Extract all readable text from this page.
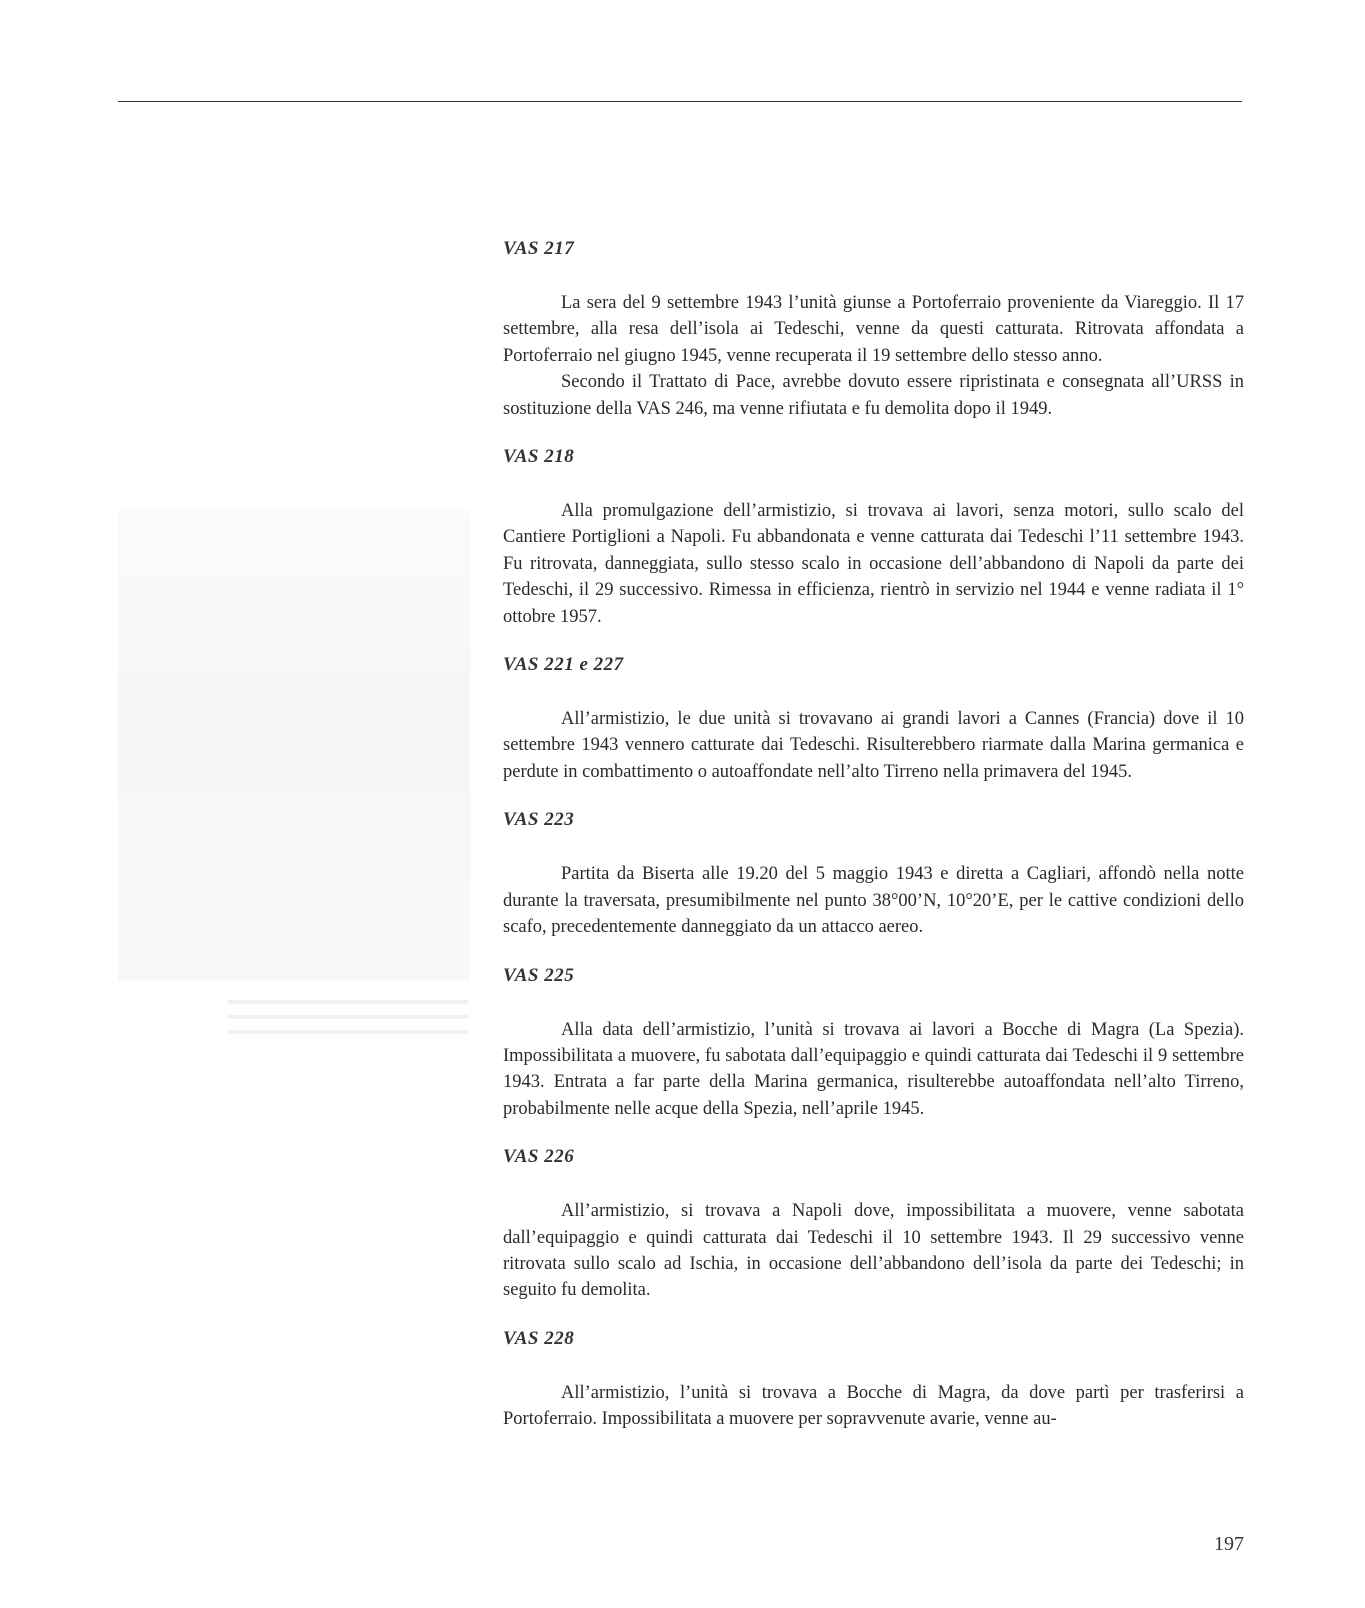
VAS 217

La sera del 9 settembre 1943 l’unità giunse a Portoferraio proveniente da Viareggio. Il 17 settembre, alla resa dell’isola ai Tedeschi, venne da questi catturata. Ritrovata affondata a Portoferraio nel giugno 1945, venne recuperata il 19 settembre dello stesso anno.

Secondo il Trattato di Pace, avrebbe dovuto essere ripristinata e consegnata all’URSS in sostituzione della VAS 246, ma venne rifiutata e fu demolita dopo il 1949.

VAS 218

Alla promulgazione dell’armistizio, si trovava ai lavori, senza motori, sullo scalo del Cantiere Portiglioni a Napoli. Fu abbandonata e venne catturata dai Tedeschi l’11 settembre 1943. Fu ritrovata, danneggiata, sullo stesso scalo in occasione dell’abbandono di Napoli da parte dei Tedeschi, il 29 successivo. Rimessa in efficienza, rientrò in servizio nel 1944 e venne radiata il 1° ottobre 1957.

VAS 221 e 227

All’armistizio, le due unità si trovavano ai grandi lavori a Cannes (Francia) dove il 10 settembre 1943 vennero catturate dai Tedeschi. Risulterebbero riarmate dalla Marina germanica e perdute in combattimento o autoaffondate nell’alto Tirreno nella primavera del 1945.

VAS 223

Partita da Biserta alle 19.20 del 5 maggio 1943 e diretta a Cagliari, affondò nella notte durante la traversata, presumibilmente nel punto 38°00’N, 10°20’E, per le cattive condizioni dello scafo, precedentemente danneggiato da un attacco aereo.

VAS 225

Alla data dell’armistizio, l’unità si trovava ai lavori a Bocche di Magra (La Spezia). Impossibilitata a muovere, fu sabotata dall’equipaggio e quindi catturata dai Tedeschi il 9 settembre 1943. Entrata a far parte della Marina germanica, risulterebbe autoaffondata nell’alto Tirreno, probabilmente nelle acque della Spezia, nell’aprile 1945.

VAS 226

All’armistizio, si trovava a Napoli dove, impossibilitata a muovere, venne sabotata dall’equipaggio e quindi catturata dai Tedeschi il 10 settembre 1943. Il 29 successivo venne ritrovata sullo scalo ad Ischia, in occasione dell’abbandono dell’isola da parte dei Tedeschi; in seguito fu demolita.

VAS 228

All’armistizio, l’unità si trovava a Bocche di Magra, da dove partì per trasferirsi a Portoferraio. Impossibilitata a muovere per sopravvenute avarie, venne au-

197
